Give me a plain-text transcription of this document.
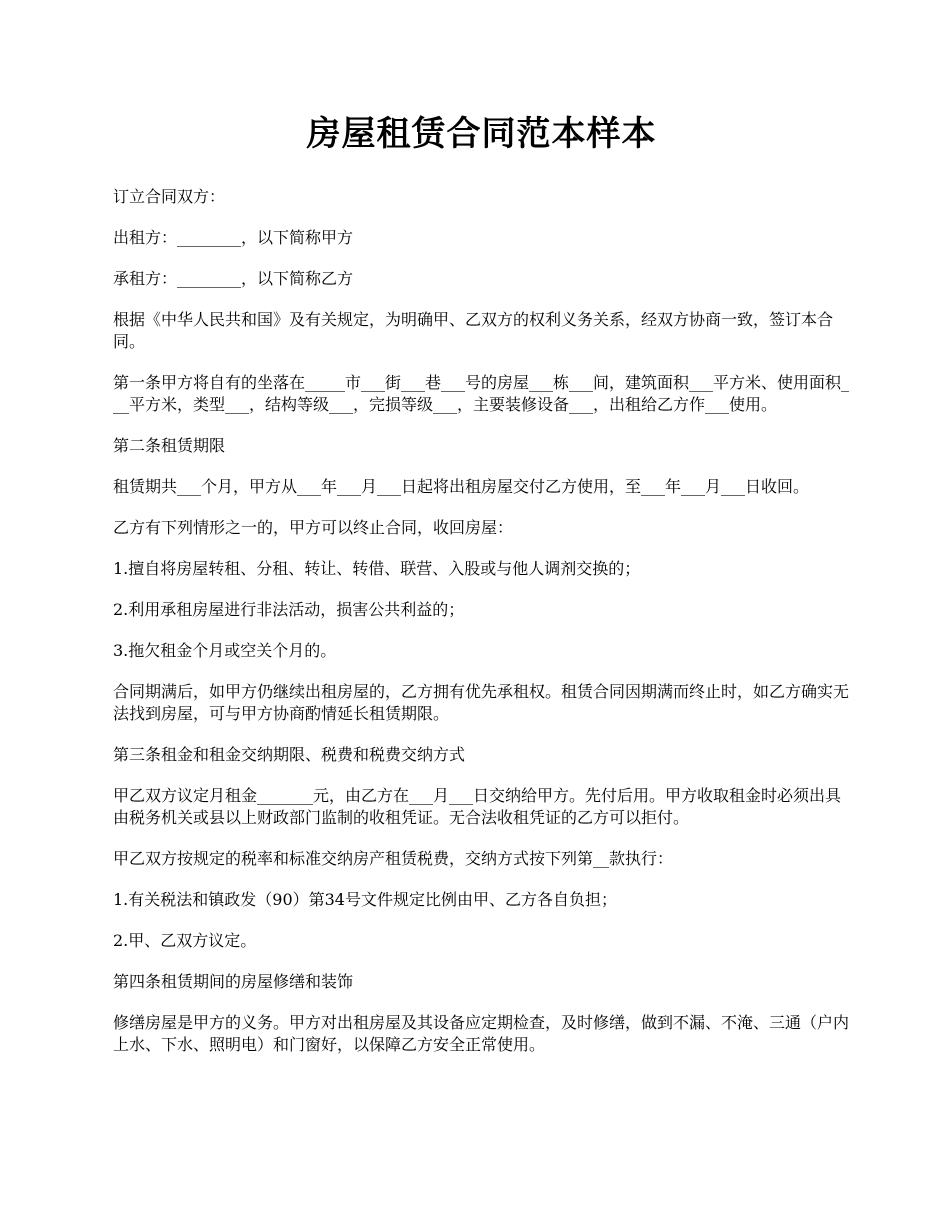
房屋租赁合同范本样本

订立合同双方：

出租方：________，以下简称甲方

承租方：________，以下简称乙方

根据《中华人民共和国》及有关规定，为明确甲、乙双方的权利义务关系，经双方协商一致，签订本合同。

第一条甲方将自有的坐落在_____市___街___巷___号的房屋___栋___间，建筑面积___平方米、使用面积___平方米，类型___，结构等级___，完损等级___，主要装修设备___，出租给乙方作___使用。

第二条租赁期限

租赁期共___个月，甲方从___年___月___日起将出租房屋交付乙方使用，至___年___月___日收回。

乙方有下列情形之一的，甲方可以终止合同，收回房屋：

1.擅自将房屋转租、分租、转让、转借、联营、入股或与他人调剂交换的；

2.利用承租房屋进行非法活动，损害公共利益的；

3.拖欠租金个月或空关个月的。

合同期满后，如甲方仍继续出租房屋的，乙方拥有优先承租权。租赁合同因期满而终止时，如乙方确实无法找到房屋，可与甲方协商酌情延长租赁期限。

第三条租金和租金交纳期限、税费和税费交纳方式

甲乙双方议定月租金_______元，由乙方在___月___日交纳给甲方。先付后用。甲方收取租金时必须出具由税务机关或县以上财政部门监制的收租凭证。无合法收租凭证的乙方可以拒付。

甲乙双方按规定的税率和标准交纳房产租赁税费，交纳方式按下列第__款执行：

1.有关税法和镇政发（90）第34号文件规定比例由甲、乙方各自负担；

2.甲、乙双方议定。

第四条租赁期间的房屋修缮和装饰

修缮房屋是甲方的义务。甲方对出租房屋及其设备应定期检查，及时修缮，做到不漏、不淹、三通（户内上水、下水、照明电）和门窗好，以保障乙方安全正常使用。
